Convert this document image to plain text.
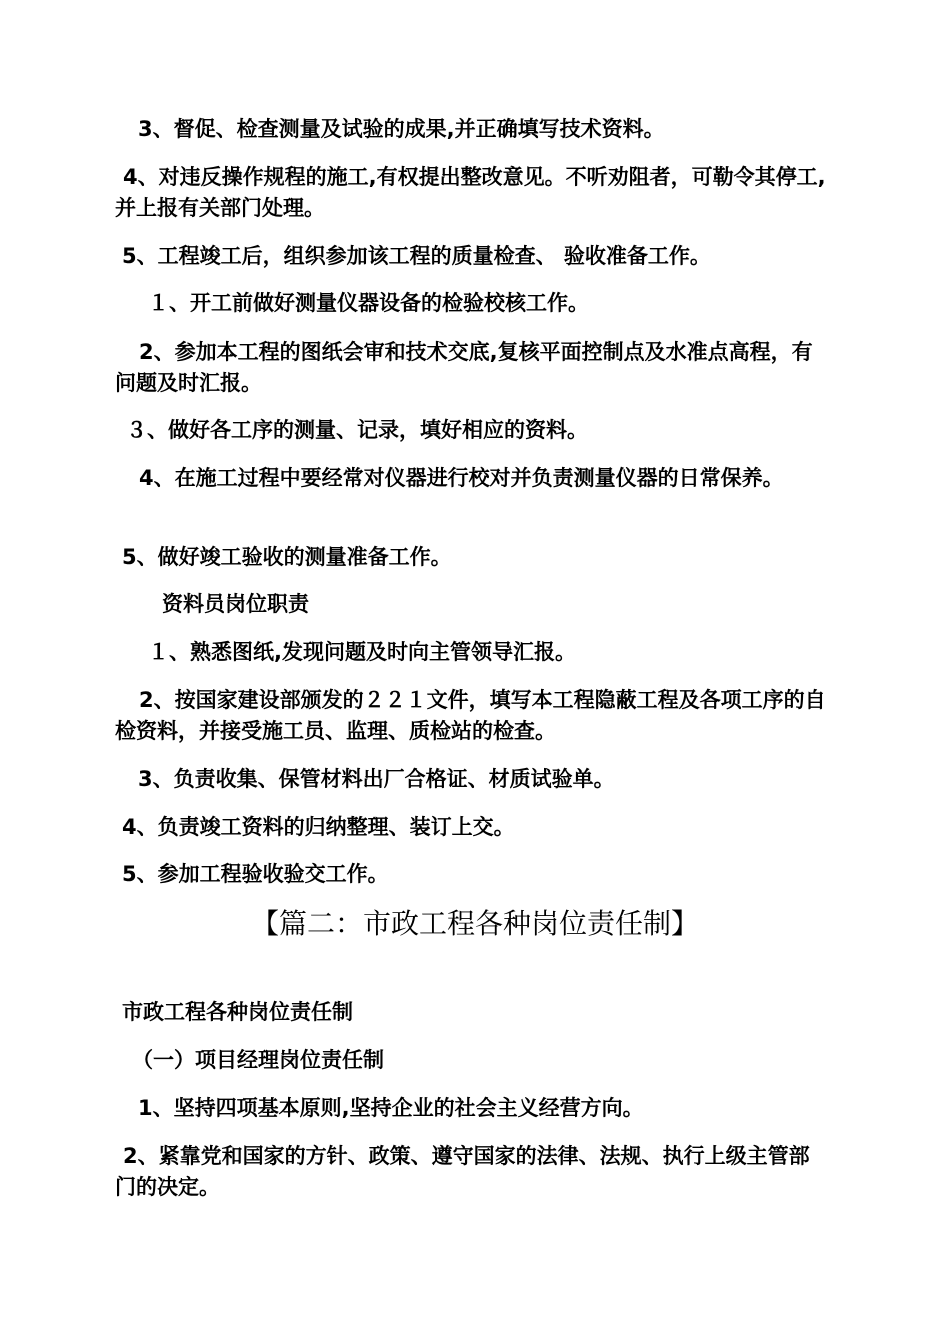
3、督促、检查测量及试验的成果,并正确填写技术资料。
4、对违反操作规程的施工,有权提出整改意见。不听劝阻者，可勒令其停工,并上报有关部门处理。
5、工程竣工后，组织参加该工程的质量检查、 验收准备工作。
１、开工前做好测量仪器设备的检验校核工作。
2、参加本工程的图纸会审和技术交底,复核平面控制点及水准点高程，有问题及时汇报。
３、做好各工序的测量、记录，填好相应的资料。
4、在施工过程中要经常对仪器进行校对并负责测量仪器的日常保养。
5、做好竣工验收的测量准备工作。
资料员岗位职责
１、熟悉图纸,发现问题及时向主管领导汇报。
2、按国家建设部颁发的２２１文件，填写本工程隐蔽工程及各项工序的自检资料，并接受施工员、监理、质检站的检查。
3、负责收集、保管材料出厂合格证、材质试验单。
4、负责竣工资料的归纳整理、装订上交。
5、参加工程验收验交工作。
【篇二：市政工程各种岗位责任制】
市政工程各种岗位责任制
（一）项目经理岗位责任制
1、坚持四项基本原则,坚持企业的社会主义经营方向。
2、紧靠党和国家的方针、政策、遵守国家的法律、法规、执行上级主管部门的决定。
